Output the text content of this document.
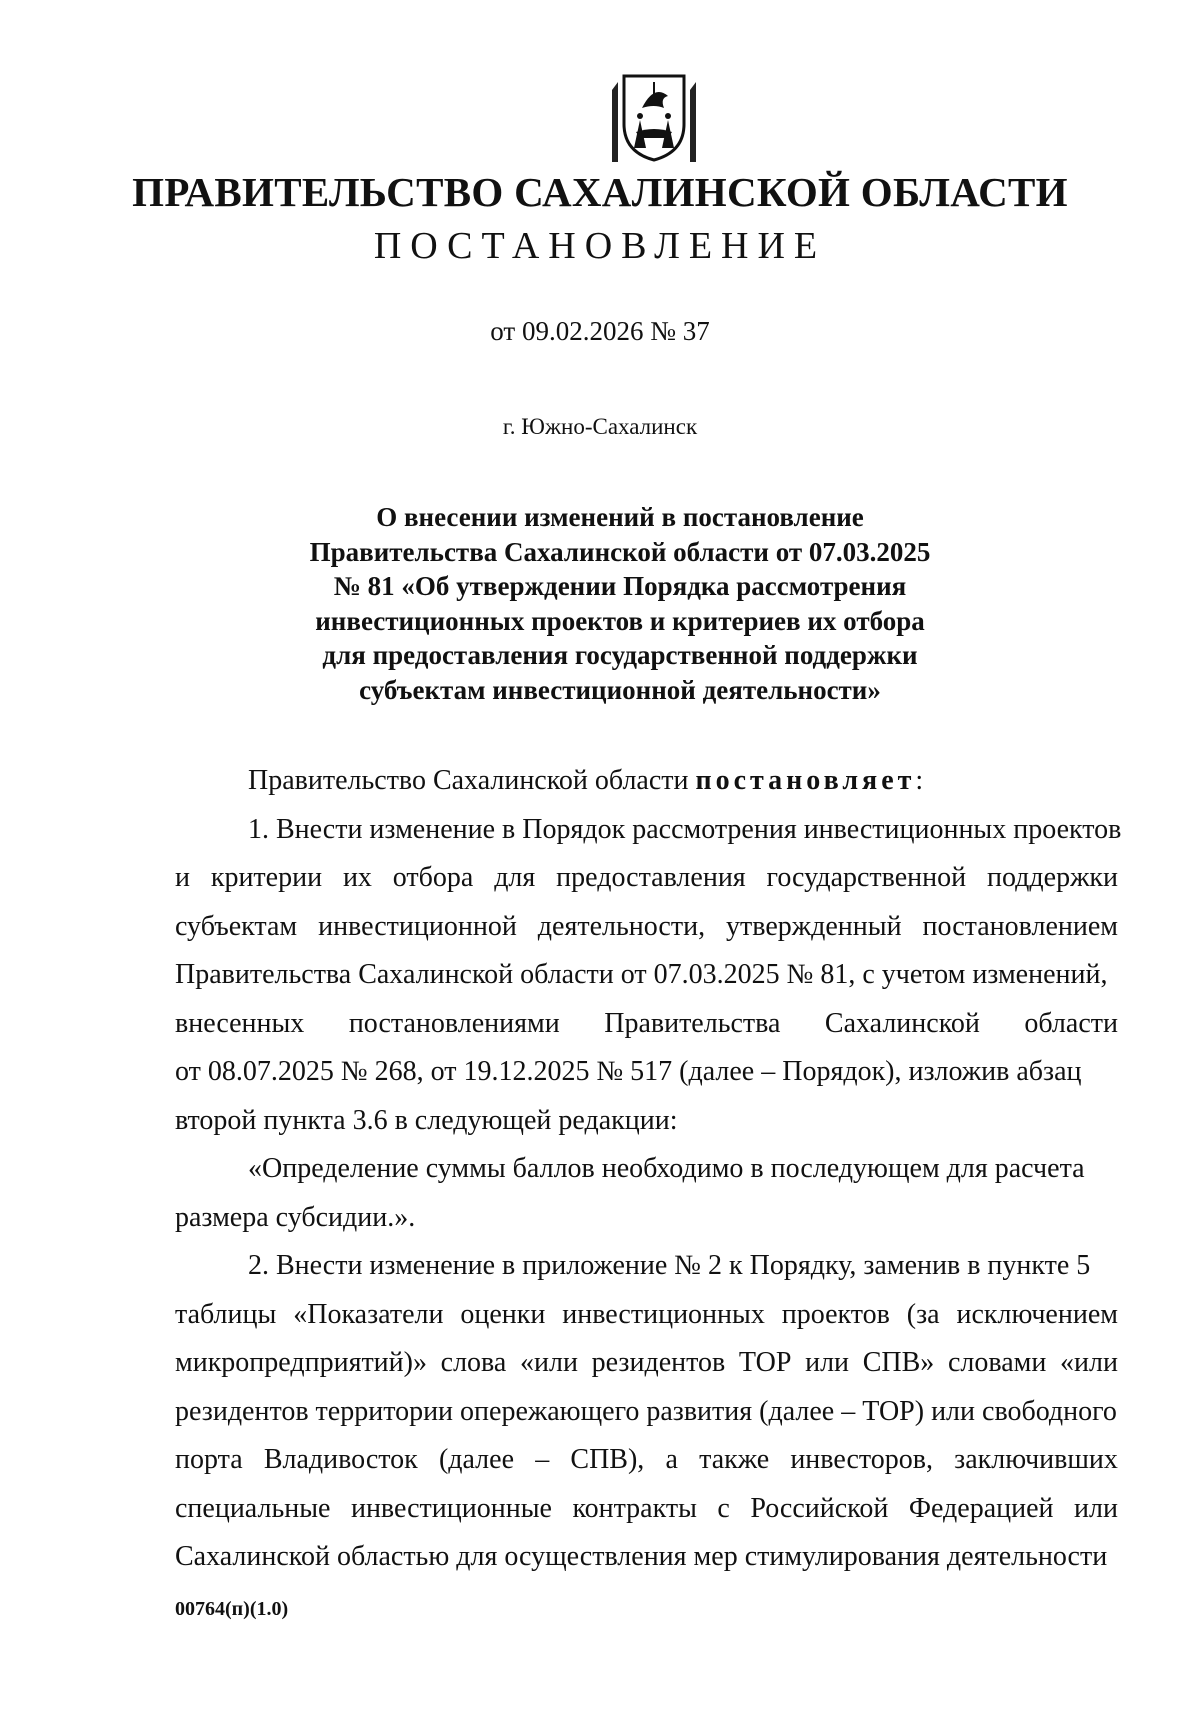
ПРАВИТЕЛЬСТВО САХАЛИНСКОЙ ОБЛАСТИ
ПОСТАНОВЛЕНИЕ
от 09.02.2026 № 37
г. Южно-Сахалинск
О внесении изменений в постановление
Правительства Сахалинской области от 07.03.2025
№ 81 «Об утверждении Порядка рассмотрения
инвестиционных проектов и критериев их отбора
для предоставления государственной поддержки
субъектам инвестиционной деятельности»
Правительство Сахалинской области постановляет:
1. Внести изменение в Порядок рассмотрения инвестиционных проектов
и критерии их отбора для предоставления государственной поддержки
субъектам инвестиционной деятельности, утвержденный постановлением
Правительства Сахалинской области от 07.03.2025 № 81, с учетом изменений,
внесенных постановлениями Правительства Сахалинской области
от 08.07.2025 № 268, от 19.12.2025 № 517 (далее – Порядок), изложив абзац
второй пункта 3.6 в следующей редакции:
«Определение суммы баллов необходимо в последующем для расчета
размера субсидии.».
2. Внести изменение в приложение № 2 к Порядку, заменив в пункте 5
таблицы «Показатели оценки инвестиционных проектов (за исключением
микропредприятий)» слова «или резидентов ТОР или СПВ» словами «или
резидентов территории опережающего развития (далее – ТОР) или свободного
порта Владивосток (далее – СПВ), а также инвесторов, заключивших
специальные инвестиционные контракты с Российской Федерацией или
Сахалинской областью для осуществления мер стимулирования деятельности
00764(п)(1.0)
